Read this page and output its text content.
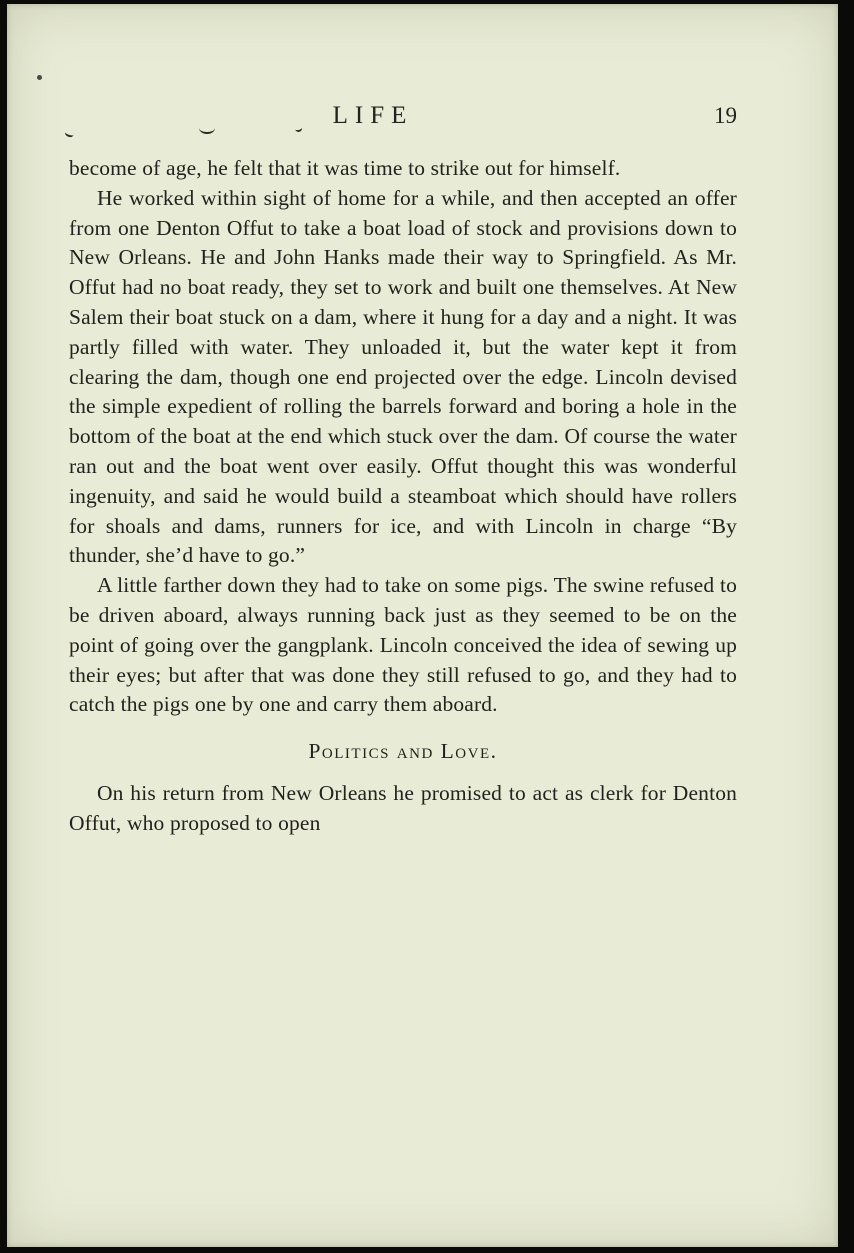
LIFE	19

become of age, he felt that it was time to strike out for himself.

He worked within sight of home for a while, and then accepted an offer from one Denton Offut to take a boat load of stock and provisions down to New Orleans. He and John Hanks made their way to Springfield. As Mr. Offut had no boat ready, they set to work and built one themselves. At New Salem their boat stuck on a dam, where it hung for a day and a night. It was partly filled with water. They unloaded it, but the water kept it from clearing the dam, though one end projected over the edge. Lincoln devised the simple expedient of rolling the barrels forward and boring a hole in the bottom of the boat at the end which stuck over the dam. Of course the water ran out and the boat went over easily. Offut thought this was wonderful ingenuity, and said he would build a steamboat which should have rollers for shoals and dams, runners for ice, and with Lincoln in charge “By thunder, she’d have to go.”

A little farther down they had to take on some pigs. The swine refused to be driven aboard, always running back just as they seemed to be on the point of going over the gangplank. Lincoln conceived the idea of sewing up their eyes; but after that was done they still refused to go, and they had to catch the pigs one by one and carry them aboard.

Politics and Love.

On his return from New Orleans he promised to act as clerk for Denton Offut, who proposed to open
